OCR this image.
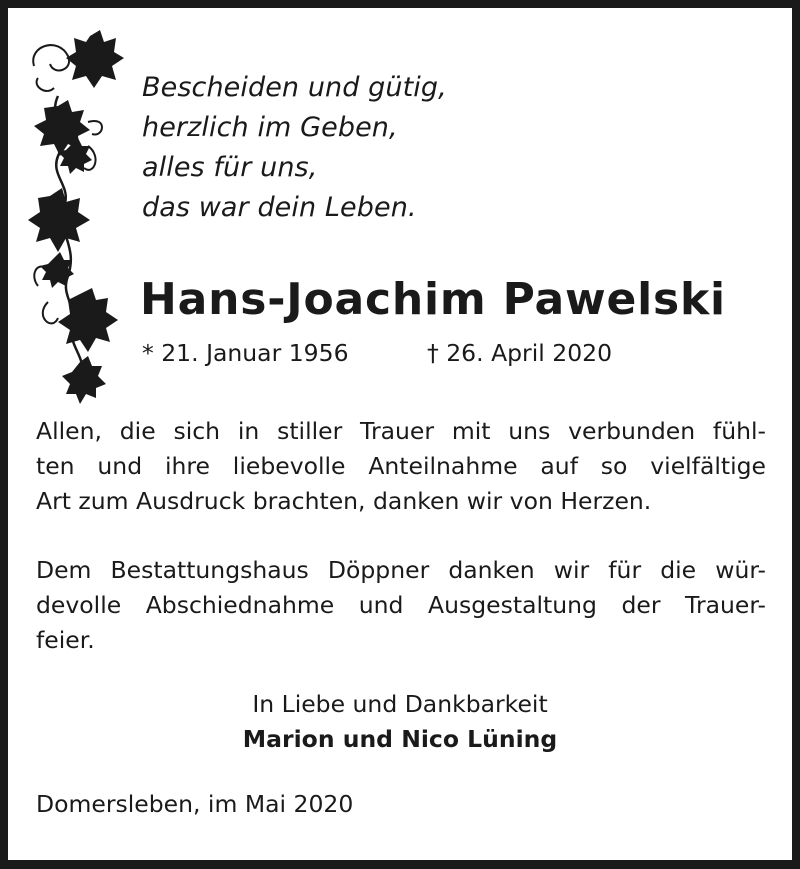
Bescheiden und gütig,
herzlich im Geben,
alles für uns,
das war dein Leben.
Hans-Joachim Pawelski
* 21. Januar 1956	† 26. April 2020
Allen, die sich in stiller Trauer mit uns verbunden fühl-
ten und ihre liebevolle Anteilnahme auf so vielfältige
Art zum Ausdruck brachten, danken wir von Herzen.
Dem Bestattungshaus Döppner danken wir für die wür-
devolle Abschiednahme und Ausgestaltung der Trauer-
feier.
In Liebe und Dankbarkeit
Marion und Nico Lüning
Domersleben, im Mai 2020
